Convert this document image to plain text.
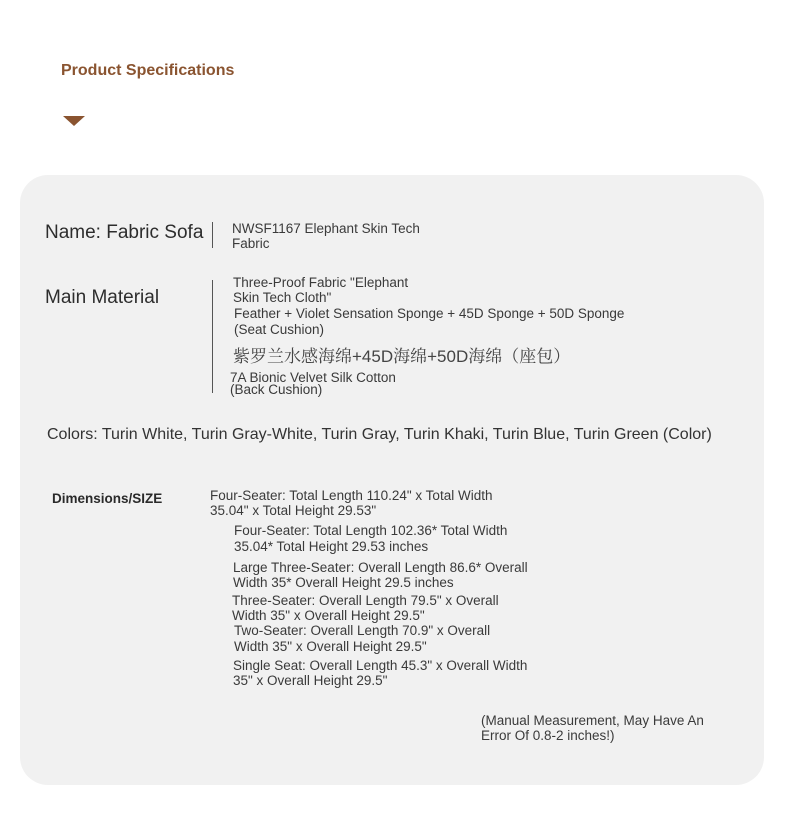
Product Specifications
Name: Fabric Sofa NWSF1167 Elephant Skin Tech
Fabric
Main Material
Three-Proof Fabric "Elephant
Skin Tech Cloth"
Feather + Violet Sensation Sponge + 45D Sponge + 50D Sponge
(Seat Cushion)
紫罗兰水感海绵+45D海绵+50D海绵（座包）
7A Bionic Velvet Silk Cotton
(Back Cushion)
Colors: Turin White, Turin Gray-White, Turin Gray, Turin Khaki, Turin Blue, Turin Green (Color)
Dimensions/SIZE	Four-Seater: Total Length 110.24" x Total Width
35.04" x Total Height 29.53"
Four-Seater: Total Length 102.36* Total Width
35.04* Total Height 29.53 inches
Large Three-Seater: Overall Length 86.6* Overall
Width 35* Overall Height 29.5 inches
Three-Seater: Overall Length 79.5" x Overall
Width 35" x Overall Height 29.5"
Two-Seater: Overall Length 70.9" x Overall
Width 35" x Overall Height 29.5"
Single Seat: Overall Length 45.3" x Overall Width
35" x Overall Height 29.5"
(Manual Measurement, May Have An
Error Of 0.8-2 inches!)
